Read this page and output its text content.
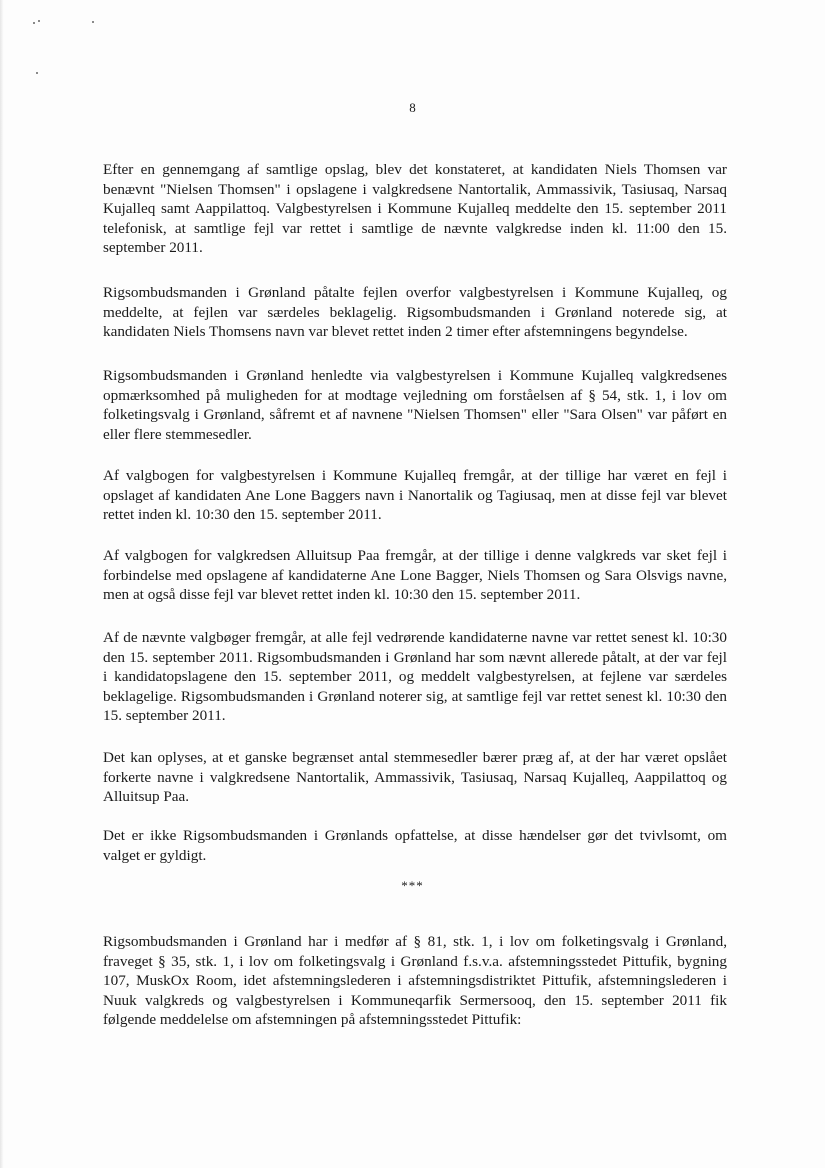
8

Efter en gennemgang af samtlige opslag, blev det konstateret, at kandidaten Niels Thomsen var benævnt "Nielsen Thomsen" i opslagene i valgkredsene Nantortalik, Ammassivik, Tasiusaq, Narsaq Kujalleq samt Aappilattoq. Valgbestyrelsen i Kommune Kujalleq meddelte den 15. september 2011 telefonisk, at samtlige fejl var rettet i samtlige de nævnte valgkredse inden kl. 11:00 den 15. september 2011.

Rigsombudsmanden i Grønland påtalte fejlen overfor valgbestyrelsen i Kommune Kujalleq, og meddelte, at fejlen var særdeles beklagelig. Rigsombudsmanden i Grønland noterede sig, at kandidaten Niels Thomsens navn var blevet rettet inden 2 timer efter afstemningens begyndelse.

Rigsombudsmanden i Grønland henledte via valgbestyrelsen i Kommune Kujalleq valgkredsenes opmærksomhed på muligheden for at modtage vejledning om forståelsen af § 54, stk. 1, i lov om folketingsvalg i Grønland, såfremt et af navnene "Nielsen Thomsen" eller "Sara Olsen" var påført en eller flere stemmesedler.

Af valgbogen for valgbestyrelsen i Kommune Kujalleq fremgår, at der tillige har været en fejl i opslaget af kandidaten Ane Lone Baggers navn i Nanortalik og Tagiusaq, men at disse fejl var blevet rettet inden kl. 10:30 den 15. september 2011.

Af valgbogen for valgkredsen Alluitsup Paa fremgår, at der tillige i denne valgkreds var sket fejl i forbindelse med opslagene af kandidaterne Ane Lone Bagger, Niels Thomsen og Sara Olsvigs navne, men at også disse fejl var blevet rettet inden kl. 10:30 den 15. september 2011.

Af de nævnte valgbøger fremgår, at alle fejl vedrørende kandidaterne navne var rettet senest kl. 10:30 den 15. september 2011. Rigsombudsmanden i Grønland har som nævnt allerede påtalt, at der var fejl i kandidatopslagene den 15. september 2011, og meddelt valgbestyrelsen, at fejlene var særdeles beklagelige. Rigsombudsmanden i Grønland noterer sig, at samtlige fejl var rettet senest kl. 10:30 den 15. september 2011.

Det kan oplyses, at et ganske begrænset antal stemmesedler bærer præg af, at der har været opslået forkerte navne i valgkredsene Nantortalik, Ammassivik, Tasiusaq, Narsaq Kujalleq, Aappilattoq og Alluitsup Paa.

Det er ikke Rigsombudsmanden i Grønlands opfattelse, at disse hændelser gør det tvivlsomt, om valget er gyldigt.

***

Rigsombudsmanden i Grønland har i medfør af § 81, stk. 1, i lov om folketingsvalg i Grønland, fraveget § 35, stk. 1, i lov om folketingsvalg i Grønland f.s.v.a. afstemningsstedet Pittufik, bygning 107, MuskOx Room, idet afstemningslederen i afstemningsdistriktet Pittufik, afstemningslederen i Nuuk valgkreds og valgbestyrelsen i Kommuneqarfik Sermersooq, den 15. september 2011 fik følgende meddelelse om afstemningen på afstemningsstedet Pittufik:
